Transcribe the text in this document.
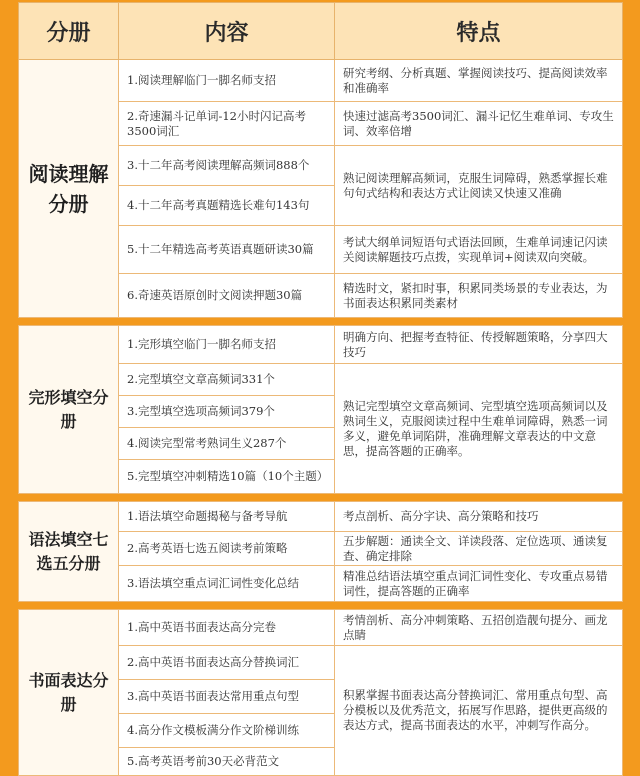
分册	内容	特点
阅读理解分册	1.阅读理解临门一脚名师支招	研究考纲、分析真题、掌握阅读技巧、提高阅读效率和准确率
	2.奇速漏斗记单词-12小时闪记高考3500词汇	快速过滤高考3500词汇、漏斗记忆生难单词、专攻生词、效率倍增
	3.十二年高考阅读理解高频词888个	熟记阅读理解高频词，克服生词障碍，熟悉掌握长难句句式结构和表达方式让阅读又快速又准确
	4.十二年高考真题精选长难句143句	
	5.十二年精选高考英语真题研读30篇	考试大纲单词短语句式语法回顾，生难单词速记闪读关阅读解题技巧点拨，实现单词+阅读双向突破。
	6.奇速英语原创时文阅读押题30篇	精选时文，紧扣时事，积累同类场景的专业表达，为书面表达积累同类素材

完形填空分册	1.完形填空临门一脚名师支招	明确方向、把握考查特征、传授解题策略，分享四大技巧
	2.完型填空文章高频词331个	熟记完型填空文章高频词、完型填空选项高频词以及熟词生义，克服阅读过程中生难单词障碍，熟悉一词多义，避免单词陷阱，准确理解文章表达的中文意思，提高答题的正确率。
	3.完型填空选项高频词379个	
	4.阅读完型常考熟词生义287个	
	5.完型填空冲刺精选10篇（10个主题）	

语法填空七选五分册	1.语法填空命题揭秘与备考导航	考点剖析、高分字诀、高分策略和技巧
	2.高考英语七选五阅读考前策略	五步解题：通读全文、详读段落、定位选项、通读复查、确定排除
	3.语法填空重点词汇词性变化总结	精准总结语法填空重点词汇词性变化、专攻重点易错词性，提高答题的正确率

书面表达分册	1.高中英语书面表达高分完卷	考情剖析、高分冲刺策略、五招创造靓句提分、画龙点睛
	2.高中英语书面表达高分替换词汇	积累掌握书面表达高分替换词汇、常用重点句型、高分模板以及优秀范文，拓展写作思路，提供更高级的表达方式，提高书面表达的水平，冲刺写作高分。
	3.高中英语书面表达常用重点句型	
	4.高分作文模板满分作文阶梯训练	
	5.高考英语考前30天必背范文	
